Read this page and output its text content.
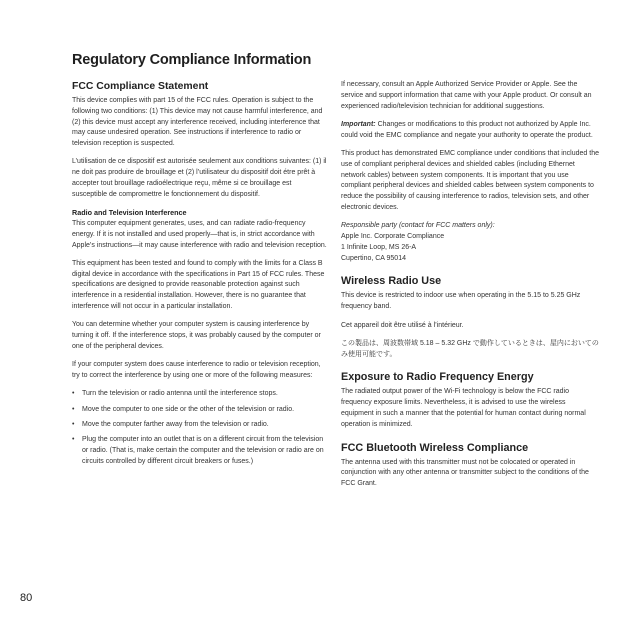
Regulatory Compliance Information
FCC Compliance Statement

This device complies with part 15 of the FCC rules. Operation is subject to the following two conditions: (1) This device may not cause harmful interference, and (2) this device must accept any interference received, including interference that may cause undesired operation. See instructions if interference to radio or television reception is suspected.

L’utilisation de ce dispositif est autorisée seulement aux conditions suivantes: (1) il ne doit pas produire de brouillage et (2) l’utilisateur du dispositif doit étre prêt à accepter tout brouillage radioélectrique reçu, même si ce brouillage est susceptible de compromettre le fonctionnement du dispositif.

Radio and Television Interference

This computer equipment generates, uses, and can radiate radio-frequency energy. If it is not installed and used properly—that is, in strict accordance with Apple’s instructions—it may cause interference with radio and television reception.

This equipment has been tested and found to comply with the limits for a Class B digital device in accordance with the specifications in Part 15 of FCC rules. These specifications are designed to provide reasonable protection against such interference in a residential installation. However, there is no guarantee that interference will not occur in a particular installation.

You can determine whether your computer system is causing interference by turning it off. If the interference stops, it was probably caused by the computer or one of the peripheral devices.

If your computer system does cause interference to radio or television reception, try to correct the interference by using one or more of the following measures:

• Turn the television or radio antenna until the interference stops.
• Move the computer to one side or the other of the television or radio.
• Move the computer farther away from the television or radio.
• Plug the computer into an outlet that is on a different circuit from the television or radio. (That is, make certain the computer and the television or radio are on circuits controlled by different circuit breakers or fuses.)

If necessary, consult an Apple Authorized Service Provider or Apple. See the service and support information that came with your Apple product. Or consult an experienced radio/television technician for additional suggestions.

Important: Changes or modifications to this product not authorized by Apple Inc. could void the EMC compliance and negate your authority to operate the product.

This product has demonstrated EMC compliance under conditions that included the use of compliant peripheral devices and shielded cables (including Ethernet network cables) between system components. It is important that you use compliant peripheral devices and shielded cables between system components to reduce the possibility of causing interference to radios, television sets, and other electronic devices.

Responsible party (contact for FCC matters only):

Apple Inc. Corporate Compliance

1 Infinite Loop, MS 26-A

Cupertino, CA 95014

Wireless Radio Use

This device is restricted to indoor use when operating in the 5.15 to 5.25 GHz frequency band.

Cet appareil doit être utilisé à l’intérieur.

この製品は、周波数帯域 5.18 – 5.32 GHz で動作しているときは、屋内においてのみ使用可能です。

Exposure to Radio Frequency Energy

The radiated output power of the Wi-Fi technology is below the FCC radio frequency exposure limits. Nevertheless, it is advised to use the wireless equipment in such a manner that the potential for human contact during normal operation is minimized.

FCC Bluetooth Wireless Compliance

The antenna used with this transmitter must not be colocated or operated in conjunction with any other antenna or transmitter subject to the conditions of the FCC Grant.

80
